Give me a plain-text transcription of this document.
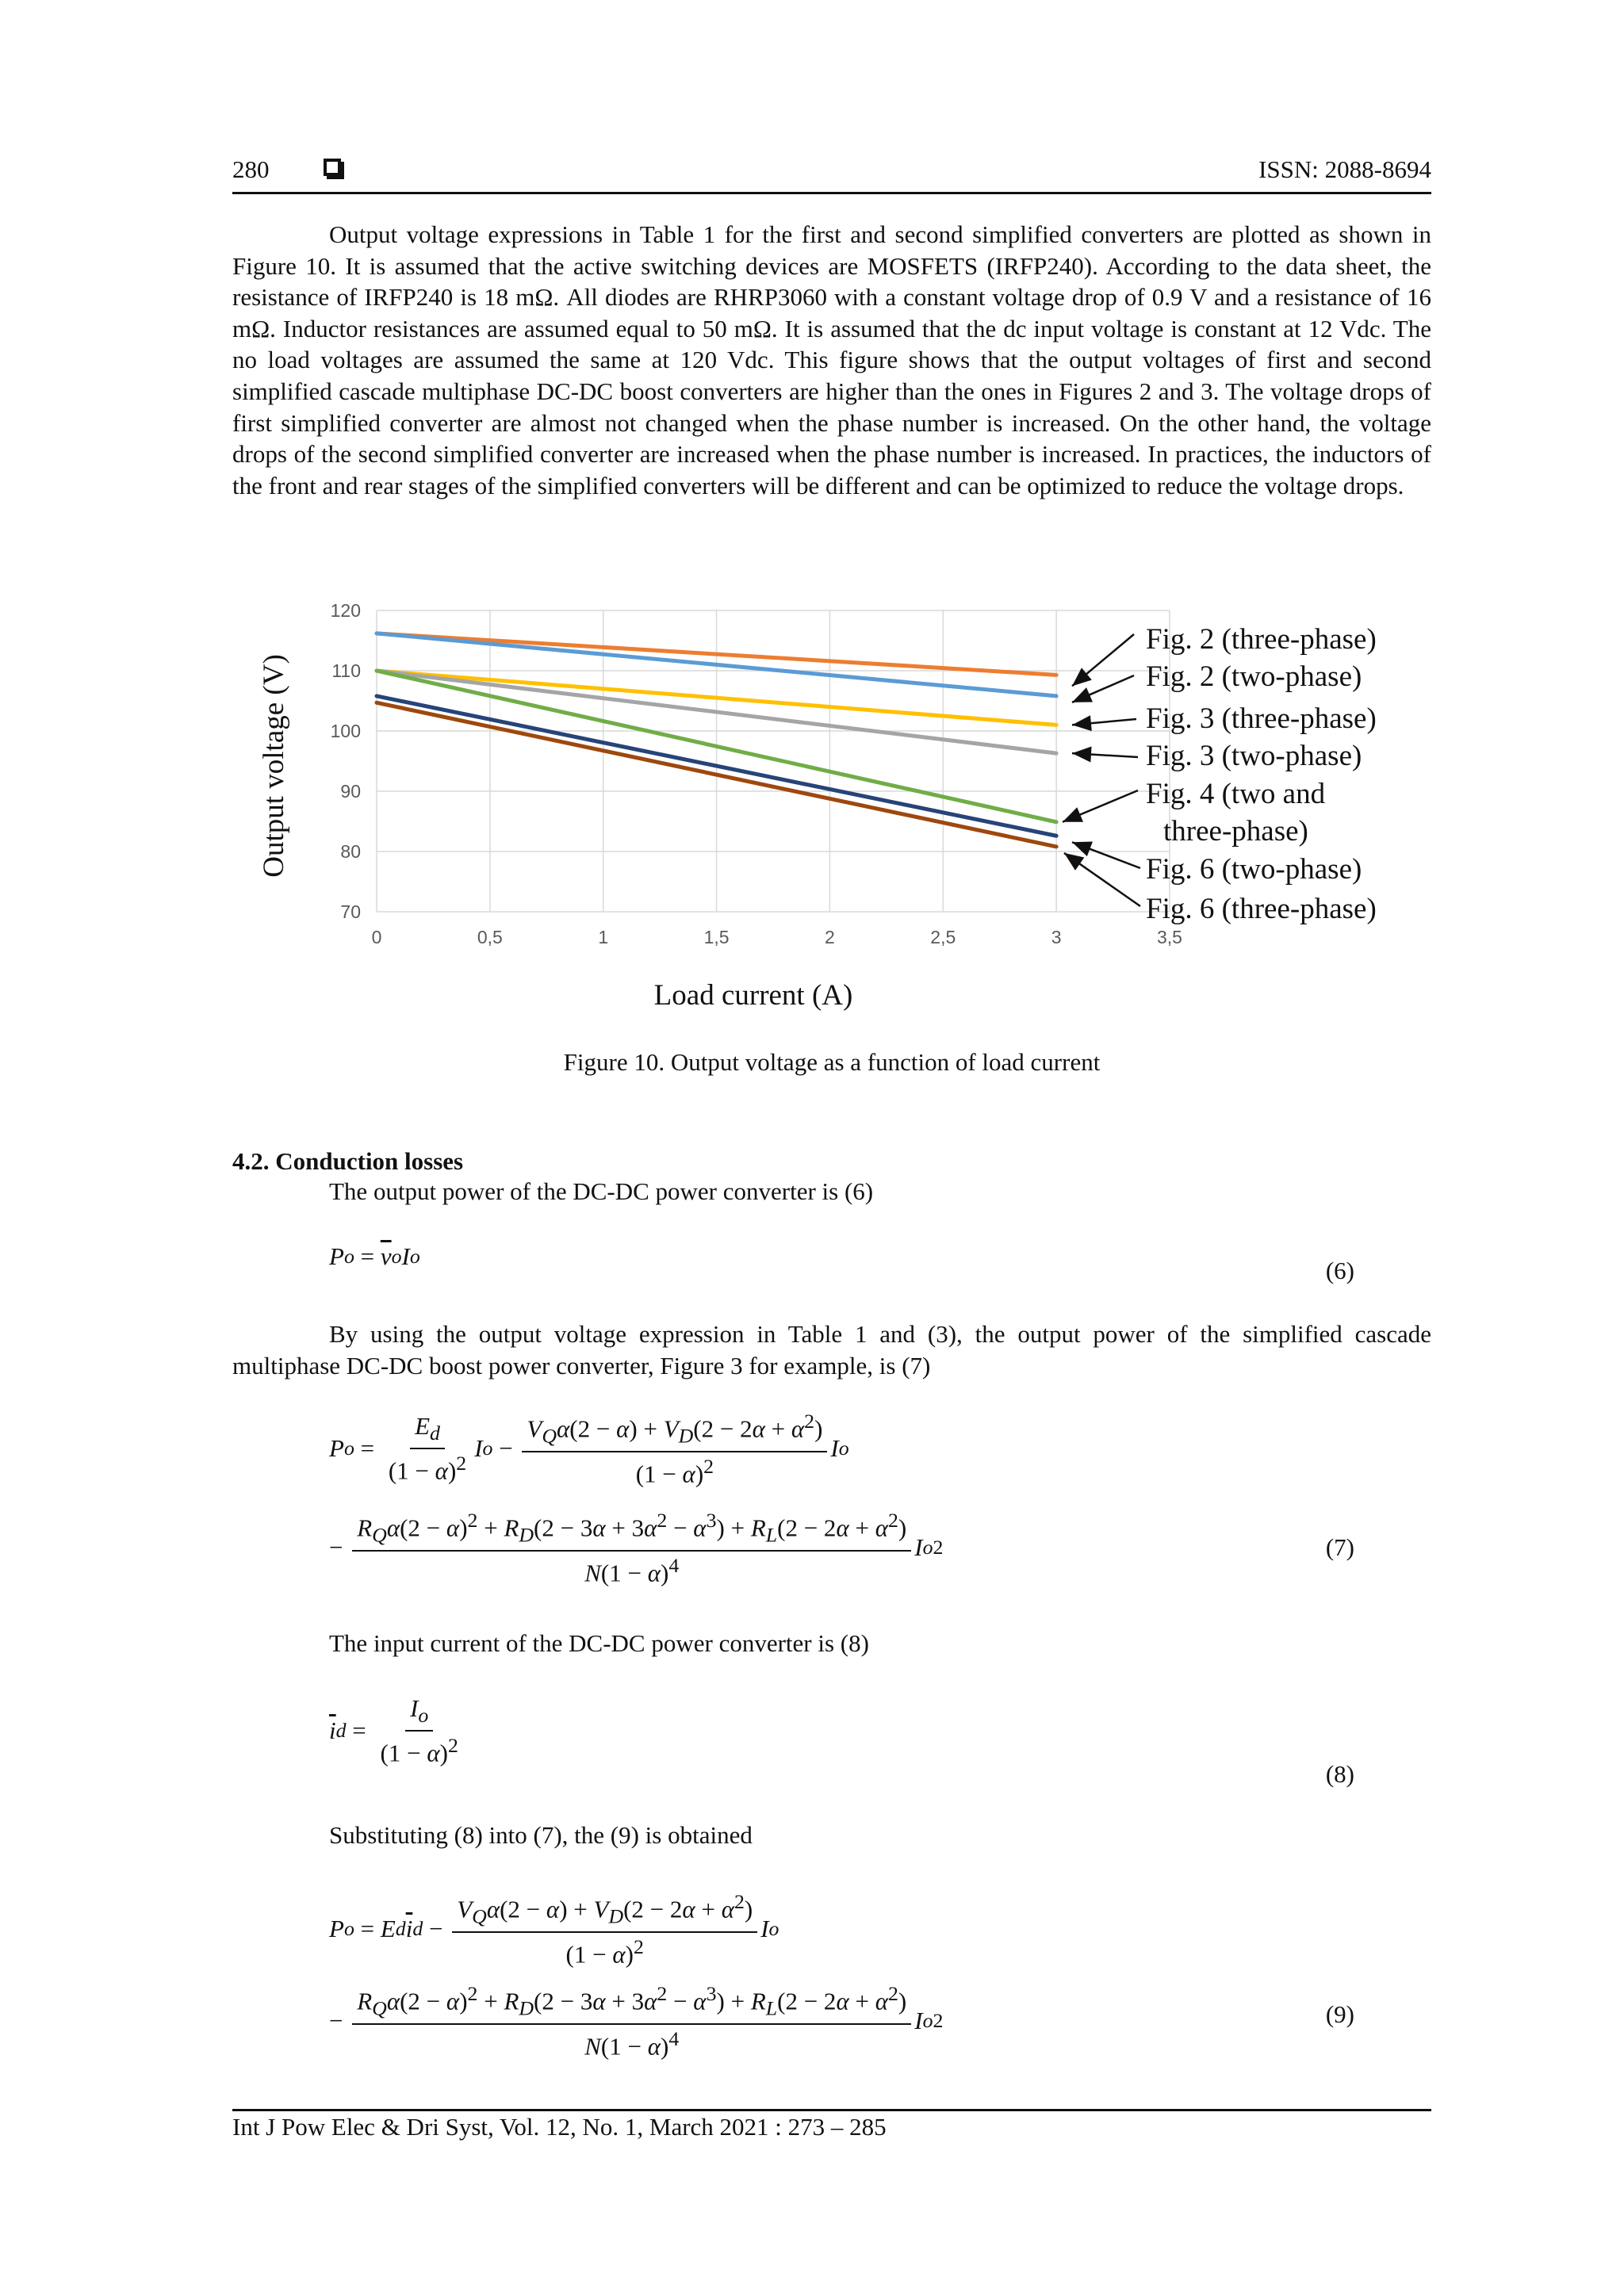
280	ISSN: 2088-8694

Output voltage expressions in Table 1 for the first and second simplified converters are plotted as shown in Figure 10. It is assumed that the active switching devices are MOSFETS (IRFP240). According to the data sheet, the resistance of IRFP240 is 18 mΩ. All diodes are RHRP3060 with a constant voltage drop of 0.9 V and a resistance of 16 mΩ. Inductor resistances are assumed equal to 50 mΩ. It is assumed that the dc input voltage is constant at 12 Vdc. The no load voltages are assumed the same at 120 Vdc. This figure shows that the output voltages of first and second simplified cascade multiphase DC-DC boost converters are higher than the ones in Figures 2 and 3. The voltage drops of first simplified converter are almost not changed when the phase number is increased. On the other hand, the voltage drops of the second simplified converter are increased when the phase number is increased. In practices, the inductors of the front and rear stages of the simplified converters will be different and can be optimized to reduce the voltage drops.

0	0,5	1	1,5	2	2,5	3	3,5
70
80
90
100
110
120
Fig. 2 (three-phase)
Fig. 2 (two-phase)
Fig. 3 (three-phase)
Fig. 3 (two-phase)
Fig. 4 (two and
three-phase)
Fig. 6 (two-phase)
Fig. 6 (three-phase)
Output voltage (V)
Load current (A)
Figure 10. Output voltage as a function of load current
4.2. Conduction losses
The output power of the DC-DC power converter is (6)
P $o = \overline{v}$ o I o
(6)

By using the output voltage expression in Table 1 and (3), the output power of the simplified cascade multiphase DC-DC boost power converter, Figure 3 for example, is (7)

P $o = \frac{E_d}{(1 - \alpha)^2}$ I $o - \frac{V_Q\alpha(2 - \alpha) + V_D(2 - 2\alpha + \alpha^2)}{(1 - \alpha)^2}$ I o
− $\frac{R_Q\alpha(2 - \alpha)^2 + R_D(2 - 3\alpha + 3\alpha^2 - \alpha^3) + R_L(2 - 2\alpha + \alpha^2)}{N(1 - \alpha)^4}$ I o 2	(7)
The input current of the DC-DC power converter is (8)
$\overline{i}$ $d = \frac{I_o}{(1 - \alpha)^2}$
(8)
Substituting (8) into (7), the (9) is obtained
P o = E d $\overline{i}$ $d - \frac{V_Q\alpha(2 - \alpha) + V_D(2 - 2\alpha + \alpha^2)}{(1 - \alpha)^2}$ I o
− $\frac{R_Q\alpha(2 - \alpha)^2 + R_D(2 - 3\alpha + 3\alpha^2 - \alpha^3) + R_L(2 - 2\alpha + \alpha^2)}{N(1 - \alpha)^4}$ I o 2	(9)
Int J Pow Elec & Dri Syst, Vol. 12, No. 1, March 2021 : 273 – 285
